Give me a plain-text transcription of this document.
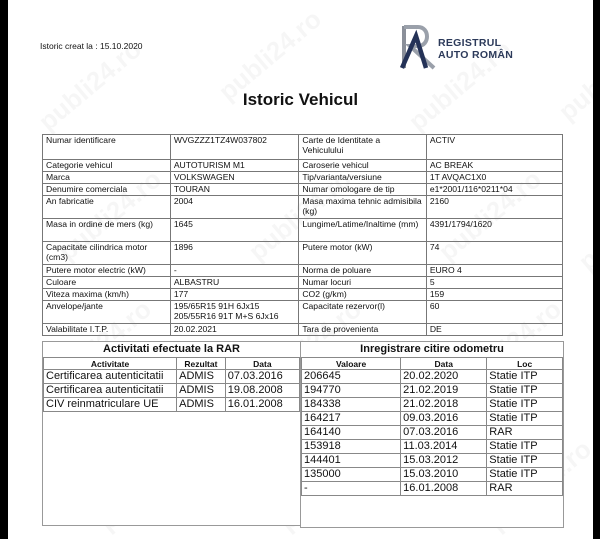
Istoric creat la : 15.10.2020	REGISTRUL
AUTO ROMÂN
Istoric Vehicul
Numar identificare	WVGZZZ1TZ4W037802	Carte de Identitate a Vehiculului	ACTIV
Categorie vehicul	AUTOTURISM M1	Caroserie vehicul	AC BREAK
Marca	VOLKSWAGEN	Tip/varianta/versiune	1T AVQAC1X0
Denumire comerciala	TOURAN	Numar omologare de tip	e1*2001/116*0211*04
An fabricatie	2004	Masa maxima tehnic admisibila (kg)	2160
Masa in ordine de mers (kg)	1645	Lungime/Latime/Inaltime (mm)	4391/1794/1620
Capacitate cilindrica motor (cm3)	1896	Putere motor (kW)	74
Putere motor electric (kW)	-	Norma de poluare	EURO 4
Culoare	ALBASTRU	Numar locuri	5
Viteza maxima (km/h)	177	CO2 (g/km)	159
Anvelope/jante	195/65R15 91H 6Jx15 205/55R16 91T M+S 6Jx16	Capacitate rezervor(l)	60
Valabilitate I.T.P.	20.02.2021	Tara de provenienta	DE
Activitati efectuate la RAR
Activitate	Rezultat	Data
Certificarea autenticitatii	ADMIS	07.03.2016
Certificarea autenticitatii	ADMIS	19.08.2008
CIV reinmatriculare UE	ADMIS	16.01.2008
Inregistrare citire odometru
Valoare	Data	Loc
206645	20.02.2020	Statie ITP
194770	21.02.2019	Statie ITP
184338	21.02.2018	Statie ITP
164217	09.03.2016	Statie ITP
164140	07.03.2016	RAR
153918	11.03.2014	Statie ITP
144401	15.03.2012	Statie ITP
135000	15.03.2010	Statie ITP
-	16.01.2008	RAR
